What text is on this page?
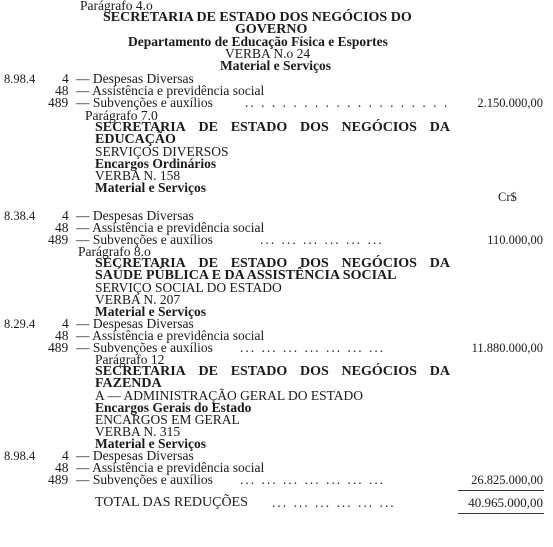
Parágrafo 4.o
SECRETARIA DE ESTADO DOS NEGÓCIOS DO
GOVERNO
Departamento de Educação Física e Esportes
VERBA N.o 24
Material e Serviços
8.98.4 4 — Despesas Diversas
48 — Assistência e previdência social
489 — Subvenções e auxílios .. . . . . . . . . . . . . . . . . . . 2.150.000,00
Parágrafo 7.0
SECRETARIA DE ESTADO DOS NEGÓCIOS DA
EDUCAÇÃO
SERVIÇOS DIVERSOS
Encargos Ordinários
VERBA N. 158
Material e Serviços
Cr$
8.38.4 4 — Despesas Diversas
48 — Assistência e previdência social
489 — Subvenções e auxílios	... ... ... ... ... ...	110.000,00
Parágrafo 8.o
SECRETARIA DE ESTADO DOS NEGÓCIOS DA
SAÚDE PÚBLICA E DA ASSISTÊNCIA SOCIAL
SERVIÇO SOCIAL DO ESTADO
VERBA N. 207
Material e Serviços
8.29.4 4 — Despesas Diversas
48 — Assistência e previdência social
489 — Subvenções e auxílios ... ... ... ... ... ... ...	11.880.000,00
Parágrafo 12
SECRETARIA DE ESTADO DOS NEGÓCIOS DA
FAZENDA
A — ADMINISTRAÇÃO GERAL DO ESTADO
Encargos Gerais do Estado
ENCARGOS EM GERAL
VERBA N. 315
Material e Serviços
8.98.4 4 — Despesas Diversas
48 — Assistência e previdência social
489 — Subvenções e auxílios ... ... ... ... ... ... ...	26.825.000,00
TOTAL DAS REDUÇÕES ... ... ... ... ... ...	40.965.000,00
